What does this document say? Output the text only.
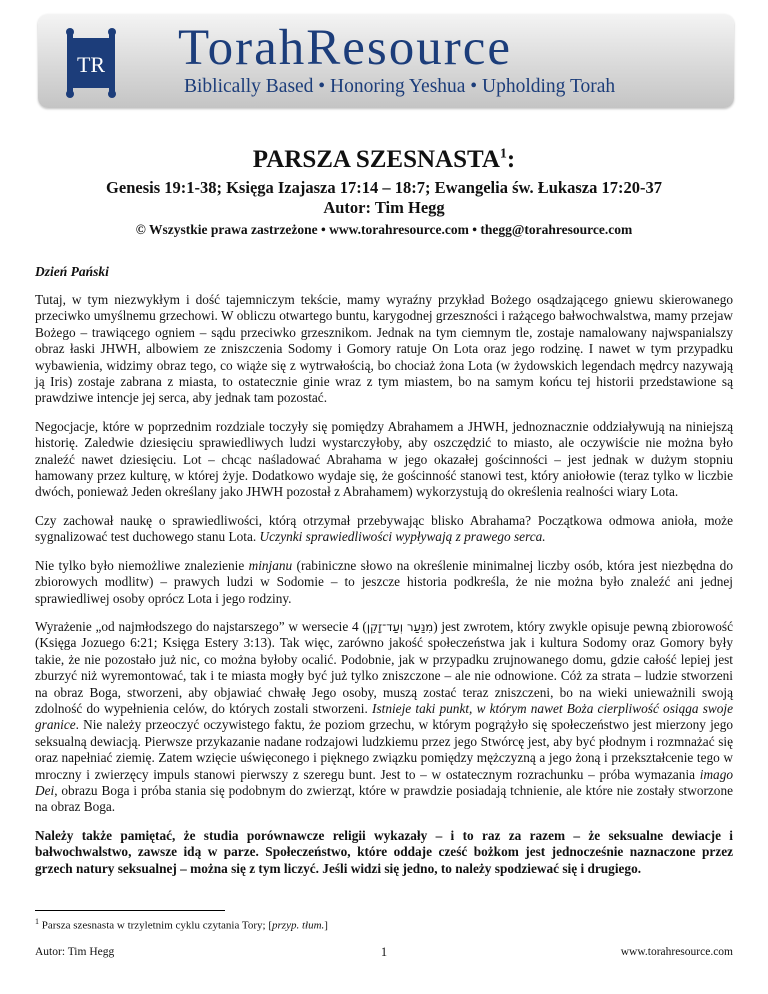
TR TorahResource
Biblically Based • Honoring Yeshua • Upholding Torah
PARSZA SZESNASTA$^1$:
Genesis 19:1-38; Księga Izajasza 17:14 – 18:7; Ewangelia św. Łukasza 17:20-37
Autor: Tim Hegg
© Wszystkie prawa zastrzeżone • www.torahresource.com • thegg@torahresource.com
Dzień Pański

Tutaj, w tym niezwykłym i dość tajemniczym tekście, mamy wyraźny przykład Bożego osądzającego gniewu skierowanego przeciwko umyślnemu grzechowi. W obliczu otwartego buntu, karygodnej grzeszności i rażącego bałwochwalstwa, mamy przejaw Bożego – trawiącego ogniem – sądu przeciwko grzesznikom. Jednak na tym ciemnym tle, zostaje namalowany najwspanialszy obraz łaski JHWH, albowiem ze zniszczenia Sodomy i Gomory ratuje On Lota oraz jego rodzinę. I nawet w tym przypadku wybawienia, widzimy obraz tego, co wiąże się z wytrwałością, bo chociaż żona Lota (w żydowskich legendach mędrcy nazywają ją Iris) zostaje zabrana z miasta, to ostatecznie ginie wraz z tym miastem, bo na samym końcu tej historii przedstawione są prawdziwe intencje jej serca, aby jednak tam pozostać.

Negocjacje, które w poprzednim rozdziale toczyły się pomiędzy Abrahamem a JHWH, jednoznacznie oddziaływują na niniejszą historię. Zaledwie dziesięciu sprawiedliwych ludzi wystarczyłoby, aby oszczędzić to miasto, ale oczywiście nie można było znaleźć nawet dziesięciu. Lot – chcąc naśladować Abrahama w jego okazałej gościnności – jest jednak w dużym stopniu hamowany przez kulturę, w której żyje. Dodatkowo wydaje się, że gościnność stanowi test, który aniołowie (teraz tylko w liczbie dwóch, ponieważ Jeden określany jako JHWH pozostał z Abrahamem) wykorzystują do określenia realności wiary Lota.

Czy zachował naukę o sprawiedliwości, którą otrzymał przebywając blisko Abrahama? Początkowa odmowa anioła, może sygnalizować test duchowego stanu Lota. Uczynki sprawiedliwości wypływają z prawego serca.

Nie tylko było niemożliwe znalezienie minjanu (rabiniczne słowo na określenie minimalnej liczby osób, która jest niezbędna do zbiorowych modlitw) – prawych ludzi w Sodomie – to jeszcze historia podkreśla, że nie można było znaleźć ani jednej sprawiedliwej osoby oprócz Lota i jego rodziny.

Wyrażenie „od najmłodszego do najstarszego” w wersecie 4 (מִנַּעַר וְעַד־זָקֵן) jest zwrotem, który zwykle opisuje pewną zbiorowość (Księga Jozuego 6:21; Księga Estery 3:13). Tak więc, zarówno jakość społeczeństwa jak i kultura Sodomy oraz Gomory były takie, że nie pozostało już nic, co można byłoby ocalić. Podobnie, jak w przypadku zrujnowanego domu, gdzie całość lepiej jest zburzyć niż wyremontować, tak i te miasta mogły być już tylko zniszczone – ale nie odnowione. Cóż za strata – ludzie stworzeni na obraz Boga, stworzeni, aby objawiać chwałę Jego osoby, muszą zostać teraz zniszczeni, bo na wieki unieważnili swoją zdolność do wypełnienia celów, do których zostali stworzeni. Istnieje taki punkt, w którym nawet Boża cierpliwość osiąga swoje granice. Nie należy przeoczyć oczywistego faktu, że poziom grzechu, w którym pogrążyło się społeczeństwo jest mierzony jego seksualną dewiacją. Pierwsze przykazanie nadane rodzajowi ludzkiemu przez jego Stwórcę jest, aby być płodnym i rozmnażać się oraz napełniać ziemię. Zatem wzięcie uświęconego i pięknego związku pomiędzy mężczyzną a jego żoną i przekształcenie tego w mroczny i zwierzęcy impuls stanowi pierwszy z szeregu bunt. Jest to – w ostatecznym rozrachunku – próba wymazania imago Dei, obrazu Boga i próba stania się podobnym do zwierząt, które w prawdzie posiadają tchnienie, ale które nie zostały stworzone na obraz Boga.

Należy także pamiętać, że studia porównawcze religii wykazały – i to raz za razem – że seksualne dewiacje i bałwochwalstwo, zawsze idą w parze. Społeczeństwo, które oddaje cześć bożkom jest jednocześnie naznaczone przez grzech natury seksualnej – można się z tym liczyć. Jeśli widzi się jedno, to należy spodziewać się i drugiego.

$^1$ Parsza szesnasta w trzyletnim cyklu czytania Tory; [przyp. tłum.]
Autor: Tim Hegg	1	www.torahresource.com
